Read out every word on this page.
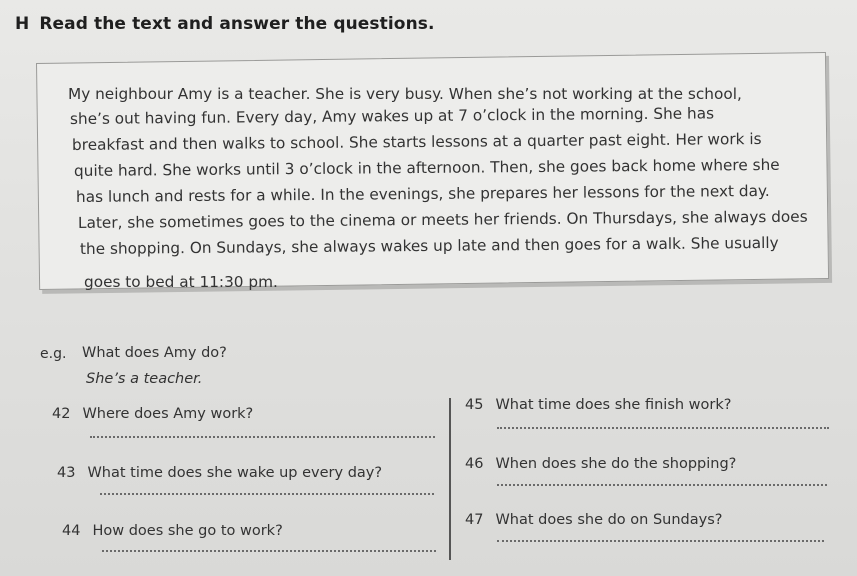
H Read the text and answer the questions.
My neighbour Amy is a teacher. She is very busy. When she’s not working at the school,
she’s out having fun. Every day, Amy wakes up at 7 o’clock in the morning. She has
breakfast and then walks to school. She starts lessons at a quarter past eight. Her work is
quite hard. She works until 3 o’clock in the afternoon. Then, she goes back home where she
has lunch and rests for a while. In the evenings, she prepares her lessons for the next day.
Later, she sometimes goes to the cinema or meets her friends. On Thursdays, she always does
the shopping. On Sundays, she always wakes up late and then goes for a walk. She usually
goes to bed at 11:30 pm.
e.g. What does Amy do?
She’s a teacher.
42 Where does Amy work?
43 What time does she wake up every day?
44 How does she go to work?
45 What time does she finish work?
46 When does she do the shopping?
47 What does she do on Sundays?
